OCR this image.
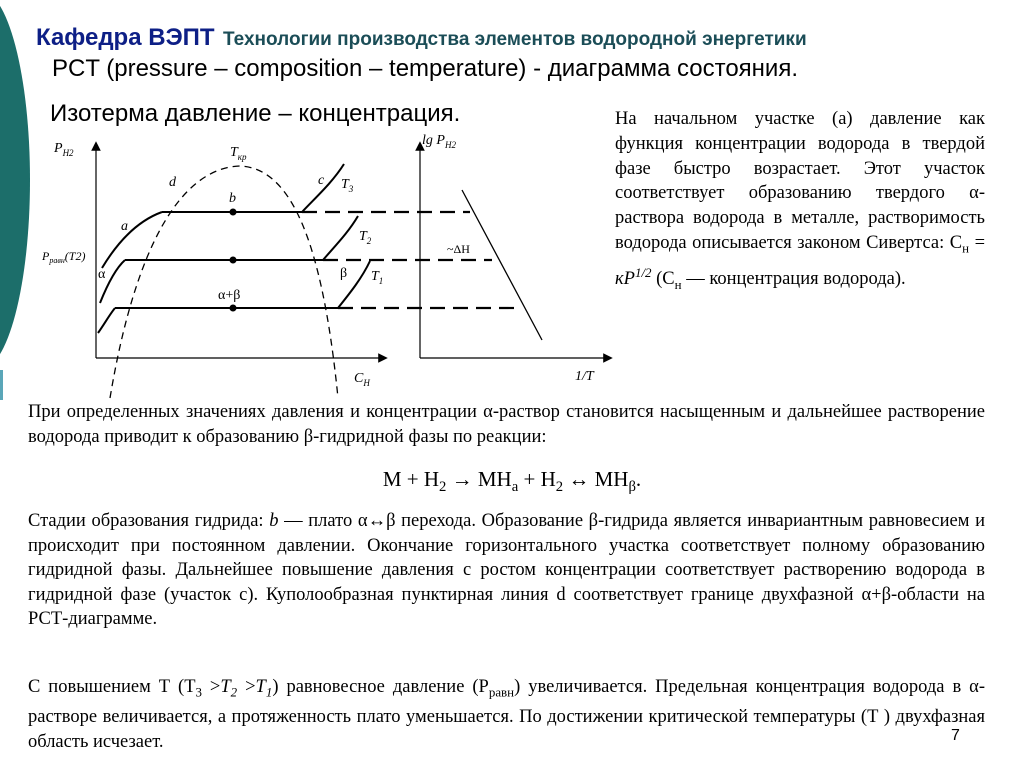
Кафедра ВЭПТ Технологии производства элементов водородной энергетики
PCT (pressure – composition – temperature) - диаграмма состояния.
Изотерма давление – концентрация.
$P_{H2}$
$C_H$
$P_{равн}(T2)$
a
b
c
d
$T_{кр}$
α	β
α+β
$T_3$
$T_2$
$T_1$
$\lg P_{H2}$
1/T
~ΔH
На начальном участке (а) давление как функция концентрации водорода в твердой фазе быстро возрастает. Этот участок соответствует образованию твердого α-раствора водорода в металле, растворимость водорода описывается законом Сивертса: $С_н = кР^{1/2}$ ($С_н$ — концентрация водорода).
При определенных значениях давления и концентрации α-раствор становится насыщенным и дальнейшее растворение водорода приводит к образованию β-гидридной фазы по реакции:
$М + Н_2 \to МН_a + Н_2$ ↔ $МН_\beta$.
Стадии образования гидрида: b — плато α↔β перехода. Образование β-гидрида является инвариантным равновесием и происходит при постоянном давлении. Окончание горизонтального участка соответствует полному образованию гидридной фазы. Дальнейшее повышение давления с ростом концентрации соответствует растворению водорода в гидридной фазе (участок с). Куполообразная пунктирная линия d соответствует границе двухфазной α+β-области на РСТ-диаграмме.
С повышением Т $(Т_3 >T_2 >T_1)$ равновесное давление $(Р_{равн})$ увеличивается. Предельная концентрация водорода в α-растворе величивается, а протяженность плато уменьшается. По достижении критической температуры (Т ) двухфазная область исчезает.	7
